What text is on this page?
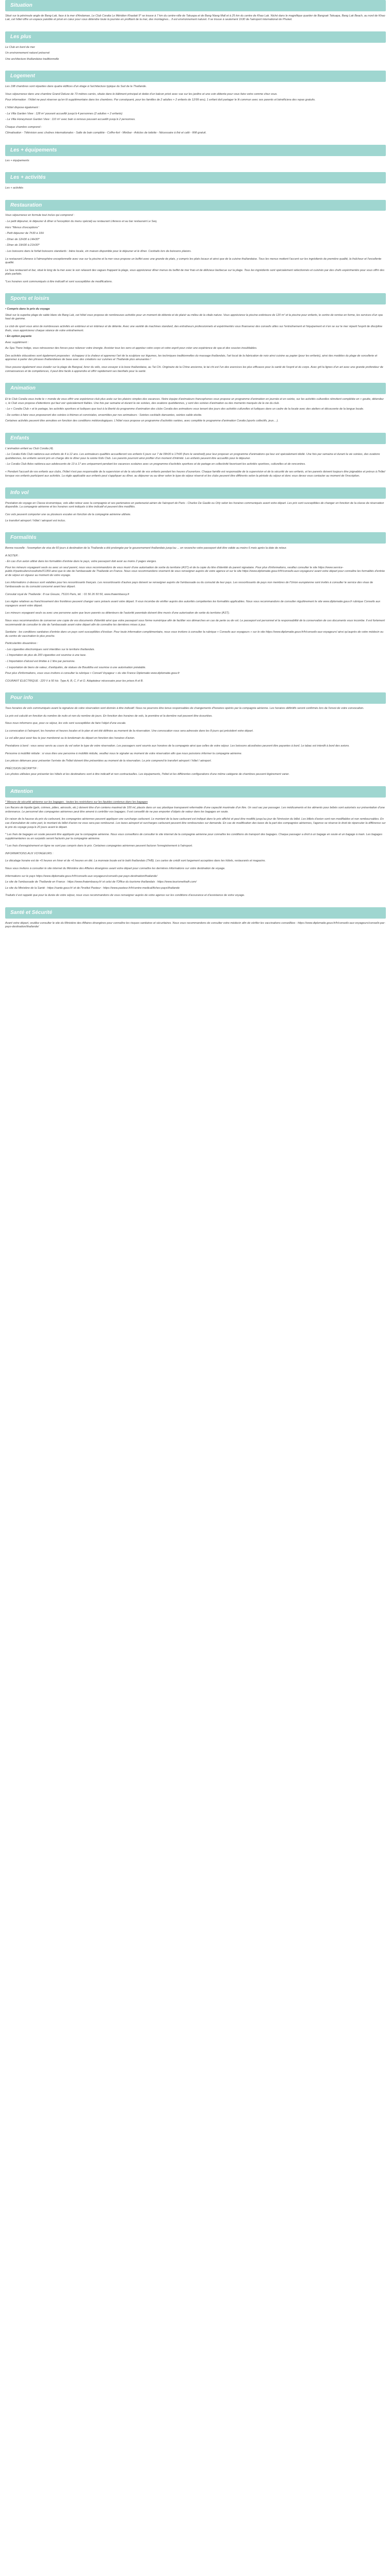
Situation

Situé sur la péninsule angle de Bang-Lak, face à la mer d'Andaman, Le Club Coralia Le Méridien Khaolak 5* se trouve à 7 km du centre-ville de Takuapa et de Bang Niang Mall et à 25 km du centre de Khao Lak. Niché dans le magnifique quartier de Bangsak Takuapa, Bang Lak Beach, au nord de Khao Lak, cet hôtel offre un espace paisible et privé en cœur pour vous détendre toute la journée en profitant de la mer, des montagnes... Il est environnement naturel. Il se trouve à seulement 1h30 de l'aéroport international de Phuket.

Les plus

Le Club en bord de mer

Un environnement naturel préservé

Une architecture thaïlandaise traditionnelle

Logement

Les 198 chambres sont réparties dans quatre édifices d'un étage à l'architecture typique du Sud de la Thaïlande.

Vous séjournerez dans une chambre Grand Deluxe de 73 mètres carrés, située dans le bâtiment principal et dotée d'un balcon privé avec vue sur les jardins et une coin détente pour vous faire votre comme chez vous.

Pour information : l'hôtel ne peut réserver qu'en lit supplémentaire dans les chambres. Par conséquent, pour les familles de 2 adultes + 2 enfants de 12/99 ans), 1 enfant doit partager le lit commun avec ses parents et bénéficiera des repas gratuits.

L'hôtel dispose également :

- La Villa Garden View : 128 m² pouvant accueillir jusqu'à 4 personnes (2 adultes + 2 enfants)

- La Villa Honeymoon Garden View : 110 m² avec bain à remous pouvant accueillir jusqu'à 2 personnes.

Chaque chambre comprend :

Climatisation - Télévision avec chaînes internationales - Salle de bain complète - Coffre-fort - Minibar - Articles de toilette - Nécessaire à thé et café - Wifi gratuit.

Les + équipements

Les + équipements

Les + activités

Les + activités

Restauration

Vous séjournerez en formule tout inclus qui comprend :

- Le petit déjeuner, le déjeuner & dîner à l'exception du menu spécial) au restaurant Lifeness et au bar restaurant Le Seq.

Hors "Menus d'exceptions"

- Petit déjeuner de 7h30 à 10H

- Dîner de 12H30 à 14H30*

- Dîner de 19H30 à 21H30*

- Les boissons dans le forfait boissons standards : bière locale, vin maison disponible pour le déjeuner et le dîner. Cocktails lors de boissons plaisirs.

Le restaurant Lifeness à l'atmosphère exceptionnelle avec vue sur la piscine et la mer vous propose un buffet avec une grande de plats, y compris les plats locaux et ainsi que de la cuisine thaïlandaise. Tous les menus mettent l'accent sur les ingrédients de première qualité, la fraîcheur et l'excellente qualité.

Le Sea restaurant et bar, situé le long de la mer avec le son relaxant des vagues frappant la plage, vous apprécierez dîner menus du buffet de mer frais et de délicieux barbecue sur la plage. Tous les ingrédients sont spécialement sélectionnés et cuisinés par des chefs expérimentés pour vous offrir des plats parfaits.

*Les horaires sont communiqués à titre indicatif et sont susceptibles de modifications.

Sports et loisirs

• Compris dans le prix du voyage

Situé sur la superbe plage de sable blanc de Bang Lak, cet hôtel vous propose de nombreuses activités pour un moment de détente et de plaisir au milieu de la vitale nature. Vous apprécierez la piscine extérieure de 120 m² et la piscine pour enfants, le centre de remise en forme, les services d'un spa haut de gamme.

Le club de sport vous ainsi de nombreuses activités en extérieur et en intérieur et de détente. Avec une variété de machines standard, des entraîneurs professionnels et expérimentés vous finanserez des conseils utiles sur l'entraînement et l'équipement et n'en se sur le mer réparti l'esprit de discipline thaïs, vous apprécierez chaque séance de votre entraînement.

• En option payante

Avec supplément :

Au Spa There Indigo, vous retrouverez des forces pour relancer votre énergie. Assister tous les sens et appréez votre corps et votre esprit pour créer une expérience de spa et des soucies inoubliables.

Des activités éducatives sont également proposées : échappez à la chaleur et apprenez l'art de la sculpture sur légumes, les techniques traditionnelles du massage thaïlandais, l'art local de la fabrication de noix ainsi cuisine au papier (pour les enfants), ainsi des modèles du plage de sorcellerie et apprenez à parler des phrases thaïlandaises de base avec des créations sur cuisines et Thaïlande plus amusantes !

Vous pouvez également vous évader sur la plage de Bangsal, livrer du vélo, vous essayer à la boxe thaïlandaise, au Tai Chi. Originaire de la Chine ancienne, le tai chi est l'un des exercices les plus efficaces pour la santé de l'esprit et du corps. Avec gril la lignes d'un art avec une grande profondeur de connaissances et de compétences, il peut être facile à apprendre et offrir rapidement ses bienfaits pour la santé.

Animation

Et le Club Coralia vous invite le « monde de vous offrir une expérience club plus axée sur les plaisirs simples des vacances. Notre équipe d'animateurs francophones vous propose un programme d'animation en journée et en soirée, sur les activités culturelles réinvitent complétée en « goutte, détendez », le Club vous propose d'attentions qui faut voir spécialement fiables. Une fois par semaine et durant la vie soirées, des ovations quotidiennes, y sont des soirées d'animation ou des moments marqués de la vie du club.

- Le « Coralia Club » et le partage, les activités sportives et ludiques que tout à la liberté du programme d'animation des clubs Coralia des animations vous tenant des jours des activités culturelles et ludiques dans un cadre de la locale avec des ateliers et découverte de la langue locale.

- De sorties à faire vous proposeront des soirées à thèmes et conviviales, ensembles par nos animateurs : Soirées cocktails dansantes, soirées sable etcète.

Certaines activités peuvent être annulées en fonction des conditions météorologiques. L'hôtel vous propose un programme d'activités variées, avec complète le programme d'animation Coralia (sports collectifs, jeux... ).

Enfants

L'animation enfant au Club Coralia (4).

- Le Coralia Kids Club raidonca aux enfants de 4 à 12 ans. Les animateurs qualifiés accueilleront vos enfants 6 jours sur 7 de 09h30 à 17h00 (hors le vendredi) pour leur proposer un programme d'animations qui leur est spécialement dédié. Une fois par semaine et durant la vie soirées, des ovations quotidiennes, les enfants seront pris en charge dès le dîner pour la soirée Kids Club. Les parents pourront ainsi profiter d'un moment d'intimité. Les enfants peuvent être accueillis pour le déjeuner.

- Le Coralia Club Ados raidonca aux adolescents de 13 à 17 ans uniquement pendant les vacances scolaires avec un programme d'activités sportives et de partage en collectivité favorisant les activités sportives, culturelles et de rencontres.

« Pendant l'accueil de vos enfants aux clubs, l'hôtel n'est pas responsable de la supervision et de la sécurité de vos enfants pendant les heures d'ouverture. Chaque famille est responsable de la supervision et de la sécurité de ses enfants, et les parents doivent toujours être joignables et prévus à l'hôtel lorsque vos enfants participent aux activités. La règle applicable aux enfants peut s'appliquer au dîner, au déjeuner ou au diner selon le type de séjour réservé et les clubs peuvent être différents selon la période du séjour et donc vous devez vous contacter au moment de l'inscription.

Info vol

Prestation de voyage en Classe économique, vols aller-retour avec la compagnie et ses partenaires en partenariat aérien de l'aéroport de Paris - Charles De Gaulle ou Orly selon les horaires communiqués avant votre départ. Les prix sont susceptibles de changer en fonction de la classe de réservation disponible. La compagnie aérienne et les horaires sont indiqués à titre indicatif et peuvent être modifiés.

Ces vols peuvent comporter une ou plusieurs escales en fonction de la compagnie aérienne utilisée.

Le transfert aéroport / hôtel / aéroport est inclus.

Formalités

Bonne nouvelle : l'exemption de visa de 60 jours à destination de la Thaïlande a été prolongée par le gouvernement thaïlandais jusqu'au ... en revanche votre passeport doit être valide au moins 6 mois après la date de retour.

A NOTER :

- En cas d'un avion utilisé dans les formalités d'entrée dans le pays, votre passeport doit avoir au moins 2 pages vierges.

Pour les mineurs voyageant seuls ou avec un seul parent, nous vous recommandons de vous munir d'une autorisation de sortie du territoire (AST) et de la copie du titre d'identité du parent signataire. Pour plus d'informations, veuillez consulter le site https://www.service-public.fr/particuliers/vosdroits/F1359 ainsi que le site de l'ambassade de Thaïlande en France. Nous vous recommandons vivement de vous renseigner auprès de votre agence et sur le site https://www.diplomatie.gouv.fr/fr/conseils-aux-voyageurs/ avant votre départ pour connaître les formalités d'entrée et de séjour en vigueur au moment de votre voyage.

Les informations ci-dessus sont valables pour les ressortissants français. Les ressortissants d'autres pays doivent se renseigner auprès de l'ambassade ou du consulat de leur pays. Les ressortissants de pays non membres de l'Union européenne sont invités à consulter le service des visas de l'ambassade ou du consulat concerné avant leur départ.

Consulat royal de Thaïlande : 8 rue Greuze, 75116 Paris, tél. : 01 56 26 50 50, www.thaiembassy.fr

Les règles relatives au franchissement des frontières peuvent changer sans préavis avant votre départ. Il vous incombe de vérifier auprès des autorités compétentes les formalités applicables. Nous vous recommandons de consulter régulièrement le site www.diplomatie.gouv.fr rubrique Conseils aux voyageurs avant votre départ.

Les mineurs voyageant seuls ou avec une personne autre que leurs parents ou détenteurs de l'autorité parentale doivent être munis d'une autorisation de sortie du territoire (AST).

Nous vous recommandons de conserver une copie de vos documents d'identité ainsi que votre passeport sous forme numérique afin de faciliter vos démarches en cas de perte ou de vol. Le passeport est personnel et la responsabilité de la conservation de ces documents vous incombe. Il est fortement recommandé de consulter le site de l'ambassade avant votre départ afin de connaître les dernières mises à jour.

Sanitaire : les conditions sanitaires d'entrée dans un pays sont susceptibles d'évoluer. Pour toute information complémentaire, nous vous invitons à consulter la rubrique « Conseils aux voyageurs » sur le site https://www.diplomatie.gouv.fr/fr/conseils-aux-voyageurs/ ainsi qu'auprès de votre médecin ou du centre de vaccination le plus proche.

Particularités douanières :

- Les cigarettes électroniques sont interdites sur le territoire thaïlandais.

- L'importation de plus de 200 cigarettes est soumise à une taxe.

- L'importation d'alcool est limitée à 1 litre par personne.

- L'exportation de biens de valeur, d'antiquités, de statues de Bouddha est soumise à une autorisation préalable.

Pour plus d'informations, vous vous invitons à consulter la rubrique « Conseil Voyageur » du site France Diplomatie www.diplomatie.gouv.fr

COURANT ÉLECTRIQUE : 220 V à 50 Hz. Type A, B, C, F et O. Adaptateur nécessaire pour les prises A et B.

Pour info

Tous horaires de vols communiqués avant la signature de votre réservation sont donnés à titre indicatif. Nous ne pourrons être tenus responsables de changements d'horaires opérés par la compagnie aérienne. Les horaires définitifs seront confirmés lors de l'envoi de votre convocation.

Le prix est calculé en fonction du nombre de nuits et non du nombre de jours. En fonction des horaires de vols, la première et la dernière nuit peuvent être écourtées.

Nous nous informons que, pour ce séjour, les vols sont susceptibles de faire l'objet d'une escale.

La convocation à l'aéroport, les horaires et heures locales et le plan et ont été définies au moment de la réservation. Une convocation vous sera adressée dans les 8 jours qui précèdent votre départ.

Le vol aller peut avoir lieu le jour mentionné ou le lendemain du départ en fonction des horaires d'avion.

Prestations à bord : vous serez servis au cours du vol selon le type de votre réservation. Les passagers sont soumis aux horaires de la compagnie ainsi que celles de votre séjour. Les boissons alcoolisées peuvent être payantes à bord. Le tabac est interdit à bord des avions.

Personne à mobilité réduite : si vous êtes une personne à mobilité réduite, veuillez nous le signaler au moment de votre réservation afin que nous puissions informer la compagnie aérienne.

Les pièces détenues pour présenter l'arrivée de l'hôtel doivent être présentées au moment de la réservation. Le prix comprend le transfert aéroport / hôtel / aéroport.

PRÉCISION DÉCRIPTIF :

Les photos utilisées pour présenter les hôtels et les destinations sont à titre indicatif et non contractuelles. Les équipements, l'hôtel et les différentes configurations d'une même catégorie de chambres peuvent légèrement varier.

Attention

* Mesure de sécurité aérienne sur les bagages : toutes les restrictions sur les liquides contenus dans les bagages

Les flacons de liquide (gels, crèmes, pâtes, aérosols, etc.) doivent être d'un contenu maximal de 100 ml, placés dans un sac plastique transparent refermable d'une capacité maximale d'un litre. Un seul sac par passager. Les médicaments et les aliments pour bébés sont autorisés sur présentation d'une ordonnance. Le personnel des compagnies aériennes peut être amené à contrôler vos bagages. Il est conseillé de ne pas emporter d'objets de valeur dans les bagages en soute.

En raison de la hausse du prix du carburant, les compagnies aériennes peuvent appliquer une surcharge carburant. Le montant de la taxe carburant est indiqué dans le prix affiché et peut être modifié jusqu'au jour de l'émission du billet. Les billets d'avion sont non modifiables et non remboursables. En cas d'annulation de votre part, le montant du billet d'avion ne vous sera pas remboursé. Les taxes aéroport et surcharges carburant peuvent être remboursées sur demande. En cas de modification des taxes de la part des compagnies aériennes, l'agence se réserve le droit de répercuter la différence sur le prix du voyage jusqu'à 20 jours avant le départ.

* Les frais de bagages en soute peuvent être appliqués par la compagnie aérienne. Nous vous conseillons de consulter le site internet de la compagnie aérienne pour connaître les conditions de transport des bagages. Chaque passager a droit à un bagage en soute et un bagage à main. Les bagages supplémentaires ou en surpoids seront facturés par la compagnie aérienne.

* Les frais d'enregistrement en ligne ne sont pas compris dans le prix. Certaines compagnies aériennes peuvent facturer l'enregistrement à l'aéroport.

INFORMATIONS AUX VOYAGEURS :

Le décalage horaire est de +5 heures en hiver et de +6 heures en été. La monnaie locale est le baht thaïlandais (THB). Les cartes de crédit sont largement acceptées dans les hôtels, restaurants et magasins.

Nous vous invitons à consulter le site internet du Ministère des Affaires étrangères avant votre départ pour connaître les dernières informations sur votre destination de voyage.

Informations sur le pays https://www.diplomatie.gouv.fr/fr/conseils-aux-voyageurs/conseils-par-pays-destination/thailande/

Le site de l'ambassade de Thaïlande en France : https://www.thaiembassy.fr/ et celui de l'Office du tourisme thaïlandais : https://www.tourismethaifr.com/

Le site du Ministère de la Santé : https://sante.gouv.fr/ et de l'Institut Pasteur : https://www.pasteur.fr/fr/centre-medical/fiches-pays/thailande

Traduits il est rappelé que pour la durée de votre séjour, nous vous recommandons de vous renseigner auprès de votre agence sur les conditions d'assurance et d'assistance de votre voyage.

Santé et Sécurité

Avant votre départ, veuillez consulter le site du Ministère des Affaires étrangères pour connaître les risques sanitaires et sécuritaires. Nous vous recommandons de consulter votre médecin afin de vérifier les vaccinations conseillées : https://www.diplomatie.gouv.fr/fr/conseils-aux-voyageurs/conseils-par-pays-destination/thailande/
